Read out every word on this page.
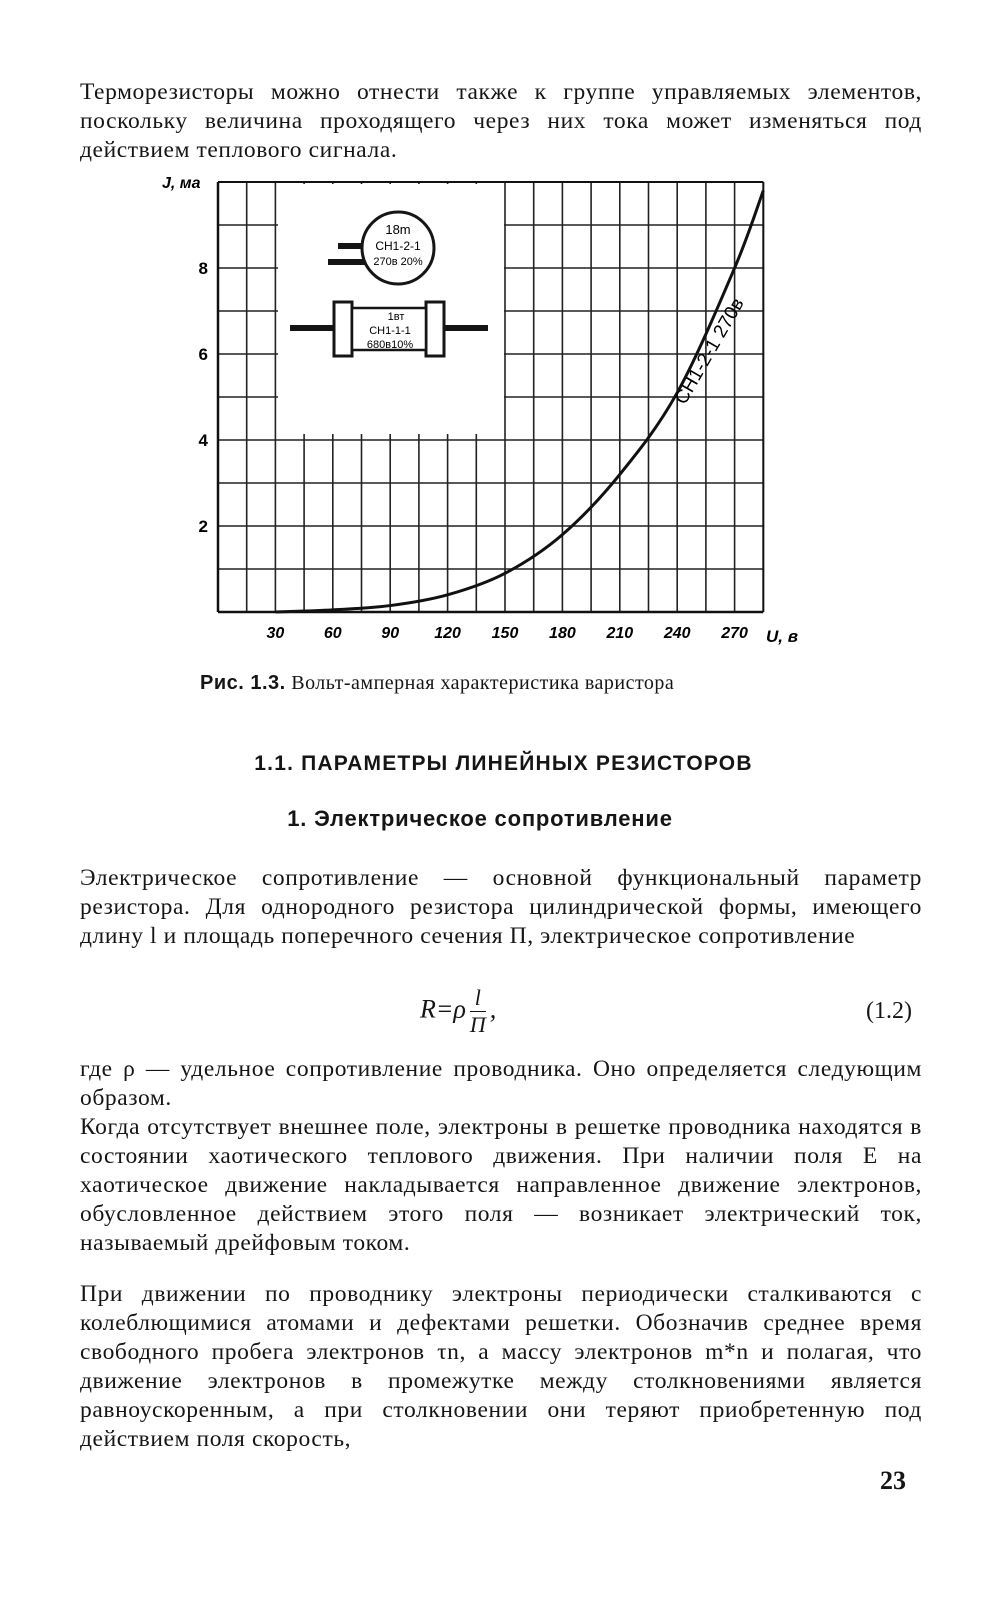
Терморезисторы можно отнести также к группе управляемых элементов, поскольку величина проходящего через них тока может изменяться под действием теплового сигнала.

30 60 90 120 150 180 210 240 270
2
4
6
8
18m
СН1-2-1
270в 20%
1вт
СН1-1-1
680в10%
J, ма
U, в
СН1-2-1 270в
Рис. 1.3. Вольт-амперная характеристика варистора
1.1. ПАРАМЕТРЫ ЛИНЕЙНЫХ РЕЗИСТОРОВ
1. Электрическое сопротивление

Электрическое сопротивление — основной функциональный параметр резистора. Для однородного резистора цилиндрической формы, имеющего длину l и площадь поперечного сечения П, электрическое сопротивление

$R=\rho \frac{l}{П}$ ,	(1.2)

где ρ — удельное сопротивление проводника. Оно определяется следующим образом.

Когда отсутствует внешнее поле, электроны в решетке проводника находятся в состоянии хаотического теплового движения. При наличии поля E на хаотическое движение накладывается направленное движение электронов, обусловленное действием этого поля — возникает электрический ток, называемый дрейфовым током.

При движении по проводнику электроны периодически сталкиваются с колеблющимися атомами и дефектами решетки. Обозначив среднее время свободного пробега электронов τn, а массу электронов m*n и полагая, что движение электронов в промежутке между столкновениями является равноускоренным, а при столкновении они теряют приобретенную под действием поля скорость,

23
